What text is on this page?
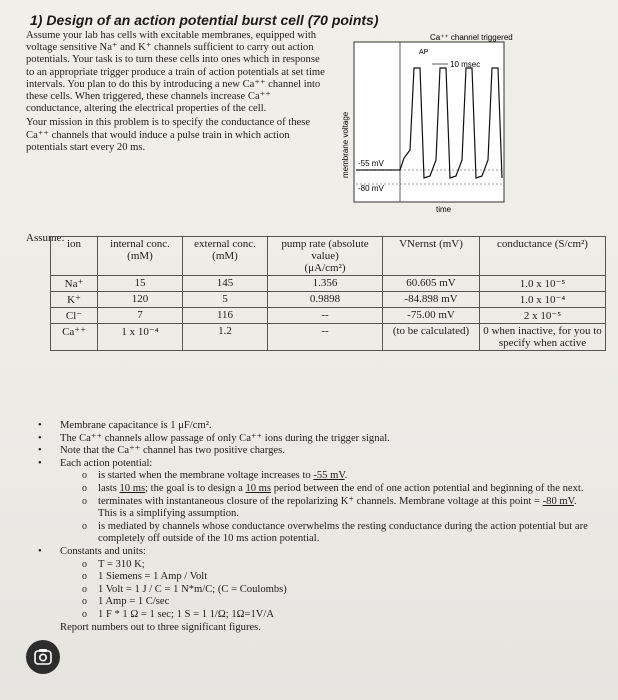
1) Design of an action potential burst cell (70 points)

Assume your lab has cells with excitable membranes, equipped with voltage sensitive Na⁺ and K⁺ channels sufficient to carry out action potentials. Your task is to turn these cells into ones which in response to an appropriate trigger produce a train of action potentials at set time intervals. You plan to do this by introducing a new Ca⁺⁺ channel into these cells. When triggered, these channels increase Ca⁺⁺ conductance, altering the electrical properties of the cell.

Your mission in this problem is to specify the conductance of these Ca⁺⁺ channels that would induce a pulse train in which action potentials start every 20 ms.

Ca⁺⁺ channel triggered
AP
10 msec
-55 mV
-80 mV
membrane voltage
time
Assume: ion	internal conc. (mM)	external conc. (mM)	pump rate (absolute value)
(μA/cm²)	VNernst (mV)	conductance (S/cm²)
Na⁺	15	145	1.356	60.605 mV	1.0 x 10⁻⁵
K⁺	120	5	0.9898	-84.898 mV	1.0 x 10⁻⁴
Cl⁻	7	116	--	-75.00 mV	2 x 10⁻⁵
Ca⁺⁺	1 x 10⁻⁴	1.2	--	(to be calculated)	0 when inactive, for you to specify when active
• Membrane capacitance is 1 μF/cm².
• The Ca⁺⁺ channels allow passage of only Ca⁺⁺ ions during the trigger signal.
• Note that the Ca⁺⁺ channel has two positive charges.
• Each action potential:
o is started when the membrane voltage increases to -55 mV.
o lasts 10 ms; the goal is to design a 10 ms period between the end of one action potential and beginning of the next.
o terminates with instantaneous closure of the repolarizing K⁺ channels. Membrane voltage at this point = -80 mV. This is a simplifying assumption.
o is mediated by channels whose conductance overwhelms the resting conductance during the action potential but are completely off outside of the 10 ms action potential.
• Constants and units:
o T = 310 K;
o 1 Siemens = 1 Amp / Volt
o 1 Volt = 1 J / C = 1 N*m/C; (C = Coulombs)
o 1 Amp = 1 C/sec
o 1 F * 1 Ω = 1 sec; 1 S = 1 1/Ω; 1Ω=1V/A
Report numbers out to three significant figures.
